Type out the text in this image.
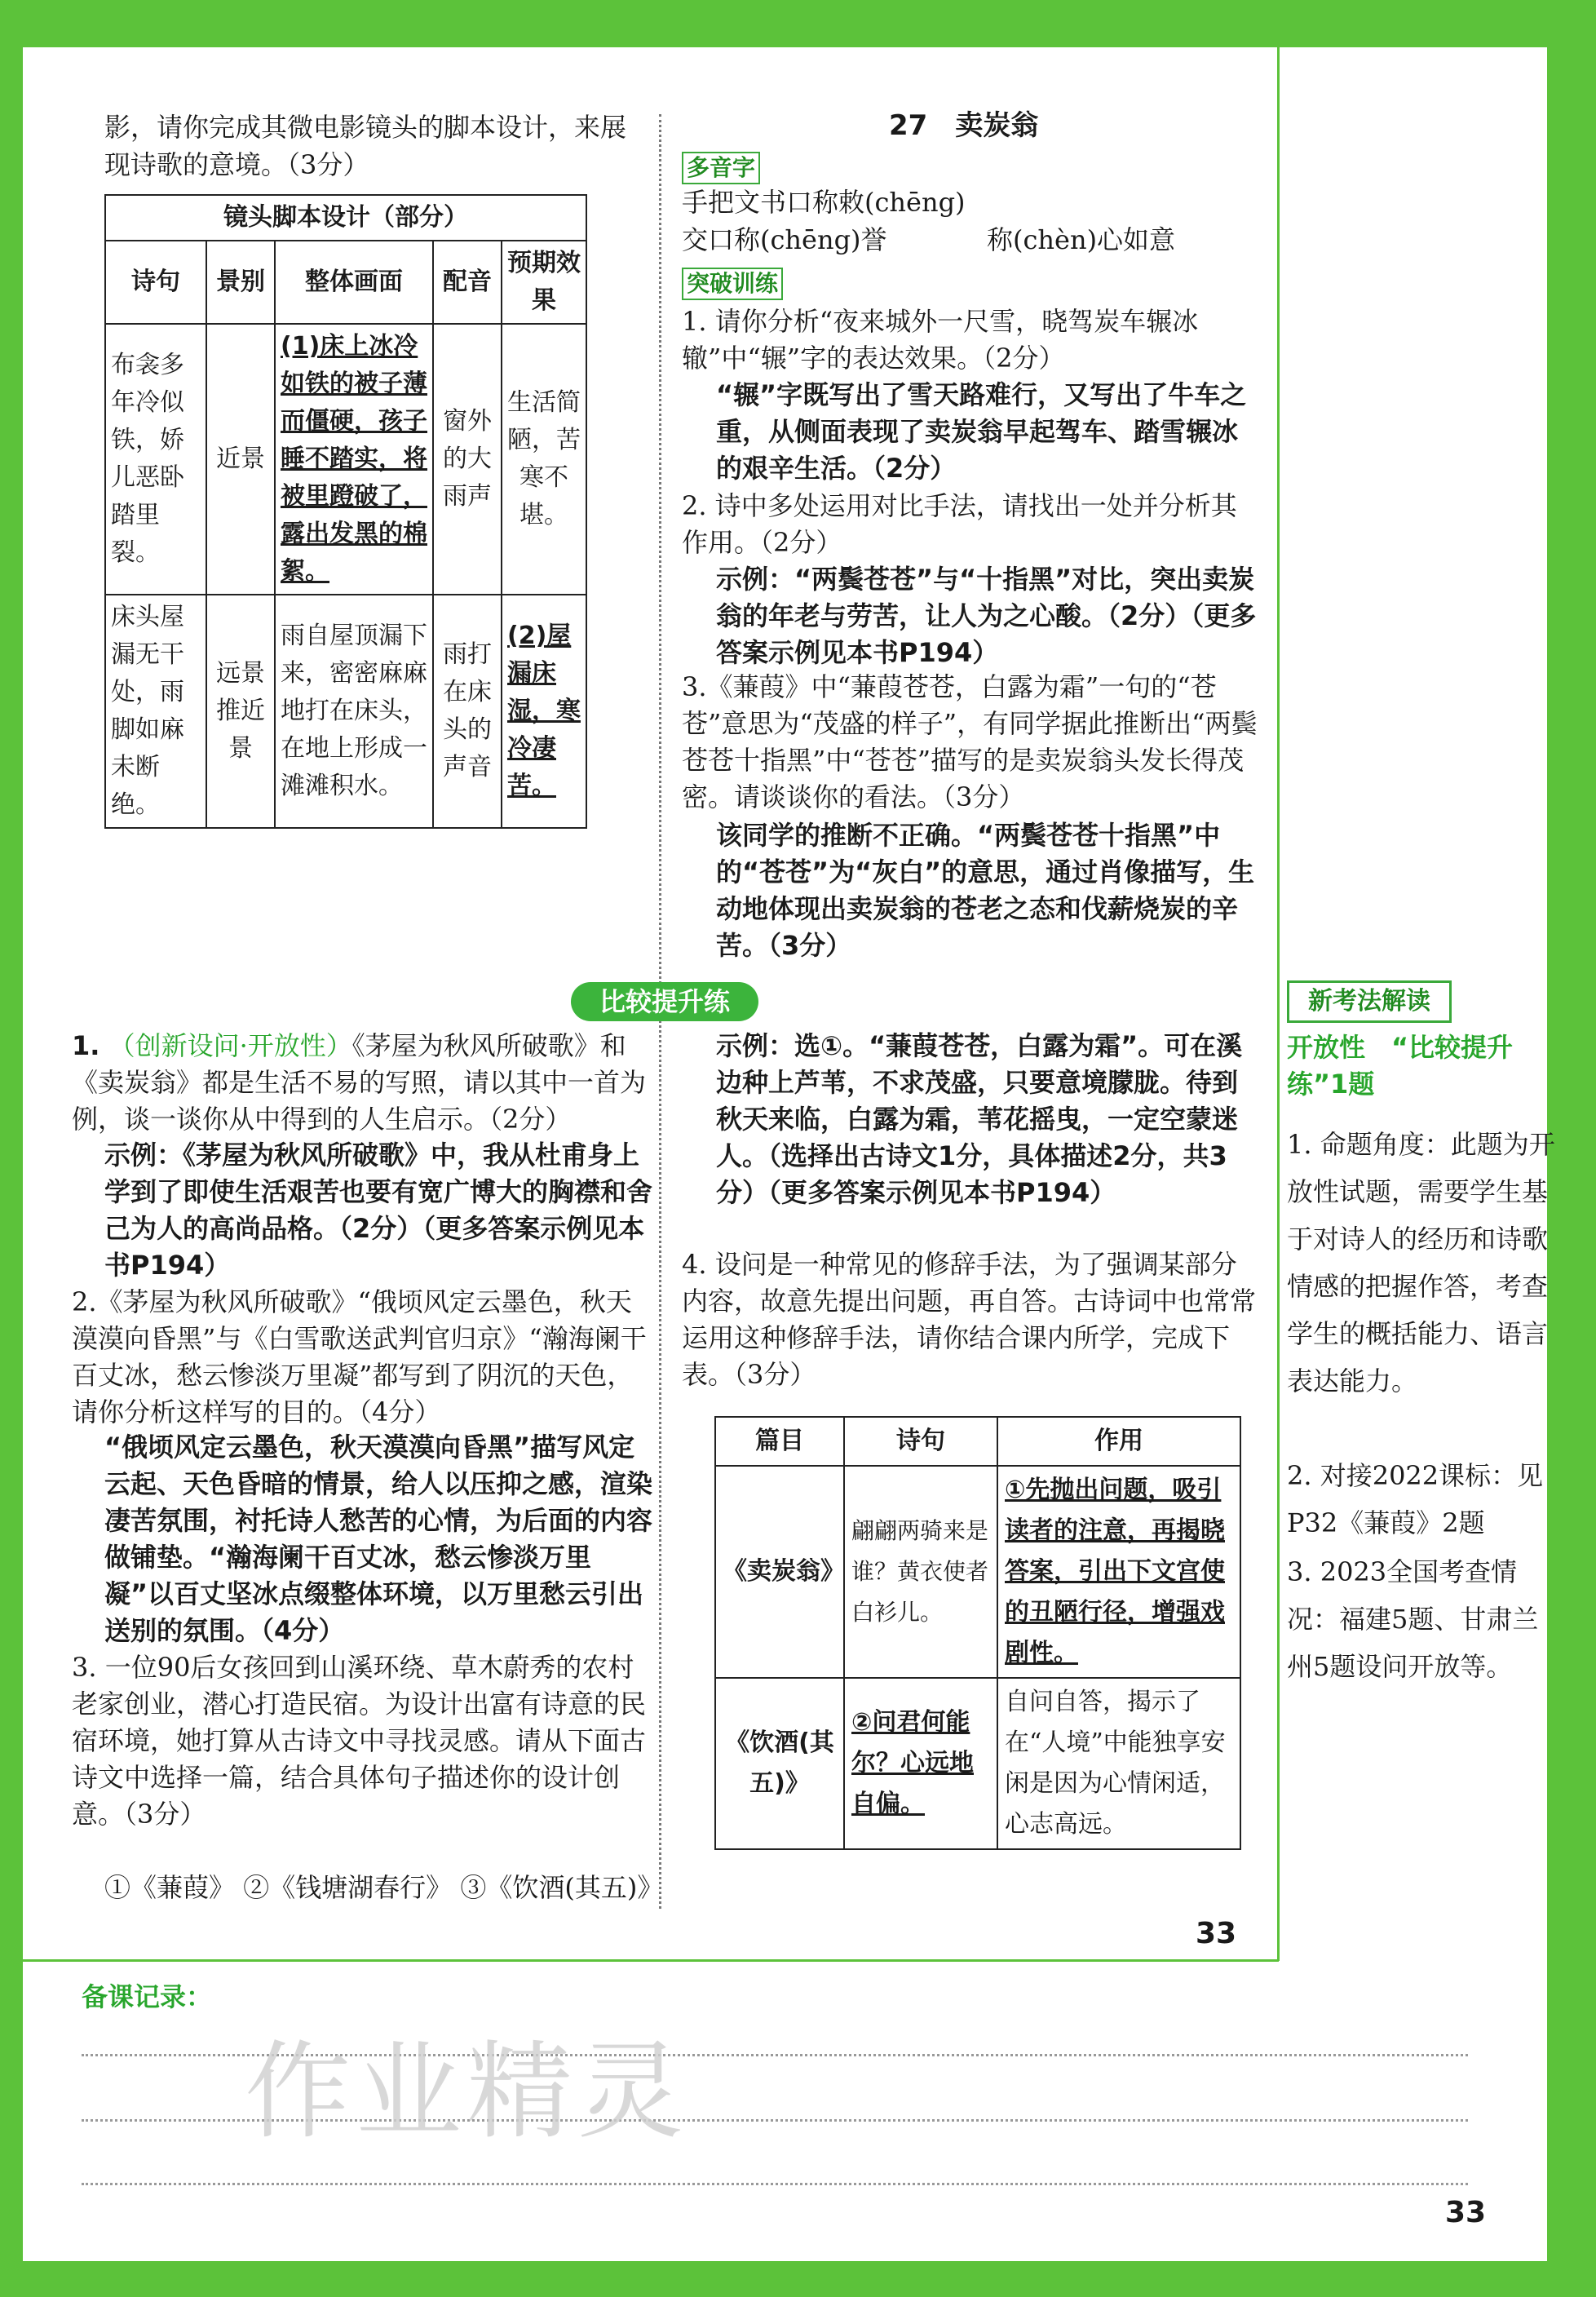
影，请你完成其微电影镜头的脚本设计，来展
现诗歌的意境。（3分）
镜头脚本设计（部分）				
诗句	景别	整体画面	配音	预期效果
布衾多年冷似铁，娇儿恶卧踏里裂。	近景	(1)床上冰冷如铁的被子薄而僵硬，孩子睡不踏实，将被里蹬破了，露出发黑的棉絮。	窗外的大雨声	生活简陋，苦寒不堪。
床头屋漏无干处，雨脚如麻未断绝。	远景推近景	雨自屋顶漏下来，密密麻麻地打在床头，在地上形成一滩滩积水。	雨打在床头的声音	(2)屋漏床湿，寒冷凄苦。
27　卖炭翁
多音字
手把文书口称敕(chēng)
交口称(chēng)誉	称(chèn)心如意
突破训练
1. 请你分析“夜来城外一尺雪，晓驾炭车辗冰辙”中“辗”字的表达效果。（2分）
“辗”字既写出了雪天路难行，又写出了牛车之重，从侧面表现了卖炭翁早起驾车、踏雪辗冰的艰辛生活。（2分）
2. 诗中多处运用对比手法，请找出一处并分析其作用。（2分）
示例：“两鬓苍苍”与“十指黑”对比，突出卖炭翁的年老与劳苦，让人为之心酸。（2分）（更多答案示例见本书P194）
3.《蒹葭》中“蒹葭苍苍，白露为霜”一句的“苍苍”意思为“茂盛的样子”，有同学据此推断出“两鬓苍苍十指黑”中“苍苍”描写的是卖炭翁头发长得茂密。请谈谈你的看法。（3分）
该同学的推断不正确。“两鬓苍苍十指黑”中的“苍苍”为“灰白”的意思，通过肖像描写，生动地体现出卖炭翁的苍老之态和伐薪烧炭的辛苦。（3分）
比较提升练
1. （创新设问·开放性）《茅屋为秋风所破歌》和《卖炭翁》都是生活不易的写照，请以其中一首为例，谈一谈你从中得到的人生启示。（2分）
示例：《茅屋为秋风所破歌》中，我从杜甫身上学到了即使生活艰苦也要有宽广博大的胸襟和舍己为人的高尚品格。（2分）（更多答案示例见本书P194）
2.《茅屋为秋风所破歌》“俄顷风定云墨色，秋天漠漠向昏黑”与《白雪歌送武判官归京》“瀚海阑干百丈冰，愁云惨淡万里凝”都写到了阴沉的天色，请你分析这样写的目的。（4分）
“俄顷风定云墨色，秋天漠漠向昏黑”描写风定云起、天色昏暗的情景，给人以压抑之感，渲染凄苦氛围，衬托诗人愁苦的心情，为后面的内容做铺垫。“瀚海阑干百丈冰，愁云惨淡万里凝”以百丈坚冰点缀整体环境，以万里愁云引出送别的氛围。（4分）
3. 一位90后女孩回到山溪环绕、草木蔚秀的农村老家创业，潜心打造民宿。为设计出富有诗意的民宿环境，她打算从古诗文中寻找灵感。请从下面古诗文中选择一篇，结合具体句子描述你的设计创意。（3分）
①《蒹葭》 ②《钱塘湖春行》 ③《饮酒(其五)》
示例：选①。“蒹葭苍苍，白露为霜”。可在溪边种上芦苇，不求茂盛，只要意境朦胧。待到秋天来临，白露为霜，苇花摇曳，一定空蒙迷人。（选择出古诗文1分，具体描述2分，共3分）（更多答案示例见本书P194）
4. 设问是一种常见的修辞手法，为了强调某部分内容，故意先提出问题，再自答。古诗词中也常常运用这种修辞手法，请你结合课内所学，完成下表。（3分）
篇目	诗句	作用
《卖炭翁》	翩翩两骑来是谁？黄衣使者白衫儿。	①先抛出问题，吸引读者的注意，再揭晓答案，引出下文宫使的丑陋行径，增强戏剧性。
《饮酒(其五)》	②问君何能尔？心远地自偏。	自问自答，揭示了在“人境”中能独享安闲是因为心情闲适，心志高远。
33
新考法解读
开放性　“比较提升练”1题
1. 命题角度：此题为开放性试题，需要学生基于对诗人的经历和诗歌情感的把握作答，考查学生的概括能力、语言表达能力。
2. 对接2022课标：见P32《蒹葭》2题
3. 2023全国考查情况：福建5题、甘肃兰州5题设问开放等。
备课记录：
作业精灵
33
